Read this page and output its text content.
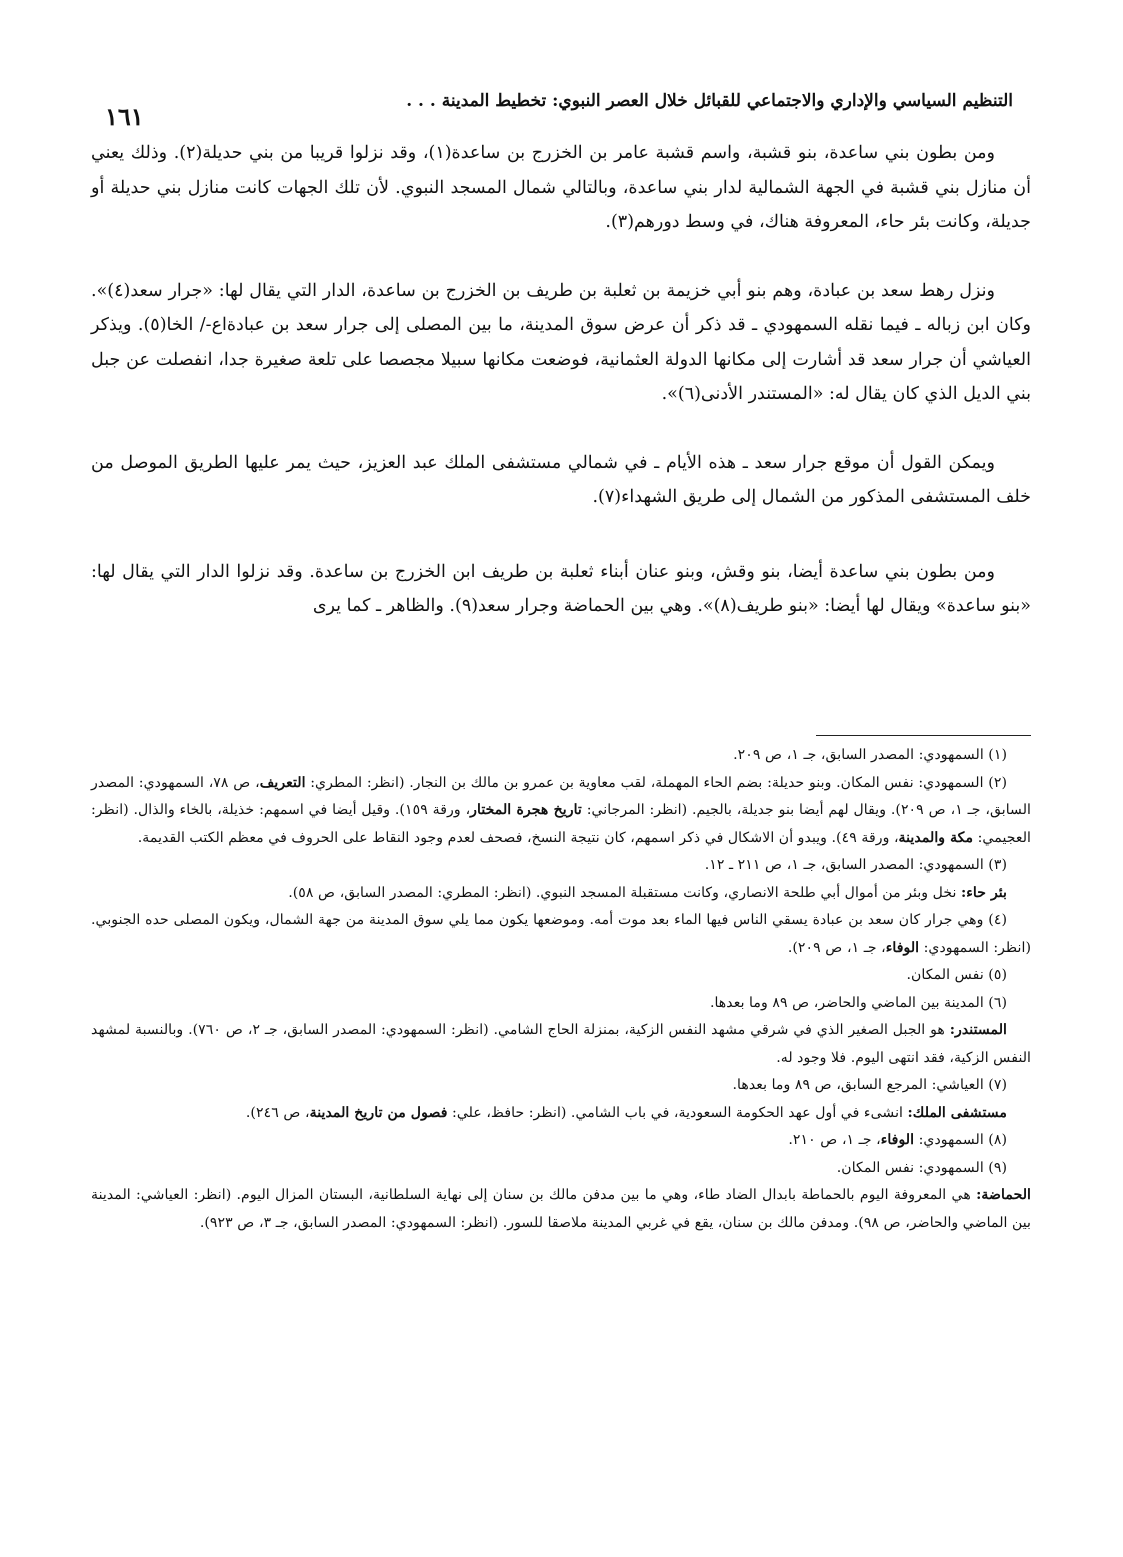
التنظيم السياسي والإداري والاجتماعي للقبائل خلال العصر النبوي: تخطيط المدينة . . .
١٦١

ومن بطون بني ساعدة، بنو قشبة، واسم قشبة عامر بن الخزرج بن ساعدة(١)، وقد نزلوا قريبا من بني حديلة(٢). وذلك يعني أن منازل بني قشبة في الجهة الشمالية لدار بني ساعدة، وبالتالي شمال المسجد النبوي. لأن تلك الجهات كانت منازل بني حديلة أو جديلة، وكانت بئر حاء، المعروفة هناك، في وسط دورهم(٣).

ونزل رهط سعد بن عبادة، وهم بنو أبي خزيمة بن ثعلبة بن طريف بن الخزرج بن ساعدة، الدار التي يقال لها: «جرار سعد(٤)». وكان ابن زباله ـ فيما نقله السمهودي ـ قد ذكر أن عرض سوق المدينة، ما بين المصلى إلى جرار سعد بن عبادة‌اع-/ الخا(٥). ويذكر العياشي أن جرار سعد قد أشارت إلى مكانها الدولة العثمانية، فوضعت مكانها سبيلا مجصصا على تلعة صغيرة جدا، انفصلت عن جبل بني الديل الذي كان يقال له: «المستندر الأدنى(٦)».

ويمكن القول أن موقع جرار سعد ـ هذه الأيام ـ في شمالي مستشفى الملك عبد العزيز، حيث يمر عليها الطريق الموصل من خلف المستشفى المذكور من الشمال إلى طريق الشهداء(٧).

ومن بطون بني ساعدة أيضا، بنو وقش، وبنو عنان أبناء ثعلبة بن طريف ابن الخزرج بن ساعدة. وقد نزلوا الدار التي يقال لها: «بنو ساعدة» ويقال لها أيضا: «بنو طريف(٨)». وهي بين الحماضة وجرار سعد(٩). والظاهر ـ كما يرى

(١) السمهودي: المصدر السابق، جـ ١، ص ٢٠٩.

(٢) السمهودي: نفس المكان. وبنو حديلة: بضم الحاء المهملة، لقب معاوية بن عمرو بن مالك بن النجار. (انظر: المطري: التعريف، ص ٧٨، السمهودي: المصدر السابق، جـ ١، ص ٢٠٩). ويقال لهم أيضا بنو جديلة، بالجيم. (انظر: المرجاني: تاريخ هجرة المختار، ورقة ١٥٩). وقيل أيضا في اسمهم: خذيلة، بالخاء والذال. (انظر: العجيمي: مكة والمدينة، ورقة ٤٩). ويبدو أن الاشكال في ذكر اسمهم، كان نتيجة النسخ، فصحف لعدم وجود النقاط على الحروف في معظم الكتب القديمة.

(٣) السمهودي: المصدر السابق، جـ ١، ص ٢١١ ـ ١٢.

بئر حاء: نخل وبئر من أموال أبي طلحة الانصاري، وكانت مستقبلة المسجد النبوي. (انظر: المطري: المصدر السابق، ص ٥٨).

(٤) وهي جرار كان سعد بن عبادة يسقي الناس فيها الماء بعد موت أمه. وموضعها يكون مما يلي سوق المدينة من جهة الشمال، ويكون المصلى حده الجنوبي. (انظر: السمهودي: الوفاء، جـ ١، ص ٢٠٩).

(٥) نفس المكان.

(٦) المدينة بين الماضي والحاضر، ص ٨٩ وما بعدها.

المستندر: هو الجبل الصغير الذي في شرقي مشهد النفس الزكية، بمنزلة الحاج الشامي. (انظر: السمهودي: المصدر السابق، جـ ٢، ص ٧٦٠). وبالنسبة لمشهد النفس الزكية، فقد انتهى اليوم. فلا وجود له.

(٧) العياشي: المرجع السابق، ص ٨٩ وما بعدها.

مستشفى الملك: انشىء في أول عهد الحكومة السعودية، في باب الشامي. (انظر: حافظ، علي: فصول من تاريخ المدينة، ص ٢٤٦).

(٨) السمهودي: الوفاء، جـ ١، ص ٢١٠.

(٩) السمهودي: نفس المكان.

الحماضة: هي المعروفة اليوم بالحماطة بابدال الضاد طاء، وهي ما بين مدفن مالك بن سنان إلى نهاية السلطانية، البستان المزال اليوم. (انظر: العياشي: المدينة بين الماضي والحاضر، ص ٩٨). ومدفن مالك بن سنان، يقع في غربي المدينة ملاصقا للسور. (انظر: السمهودي: المصدر السابق، جـ ٣، ص ٩٢٣).
